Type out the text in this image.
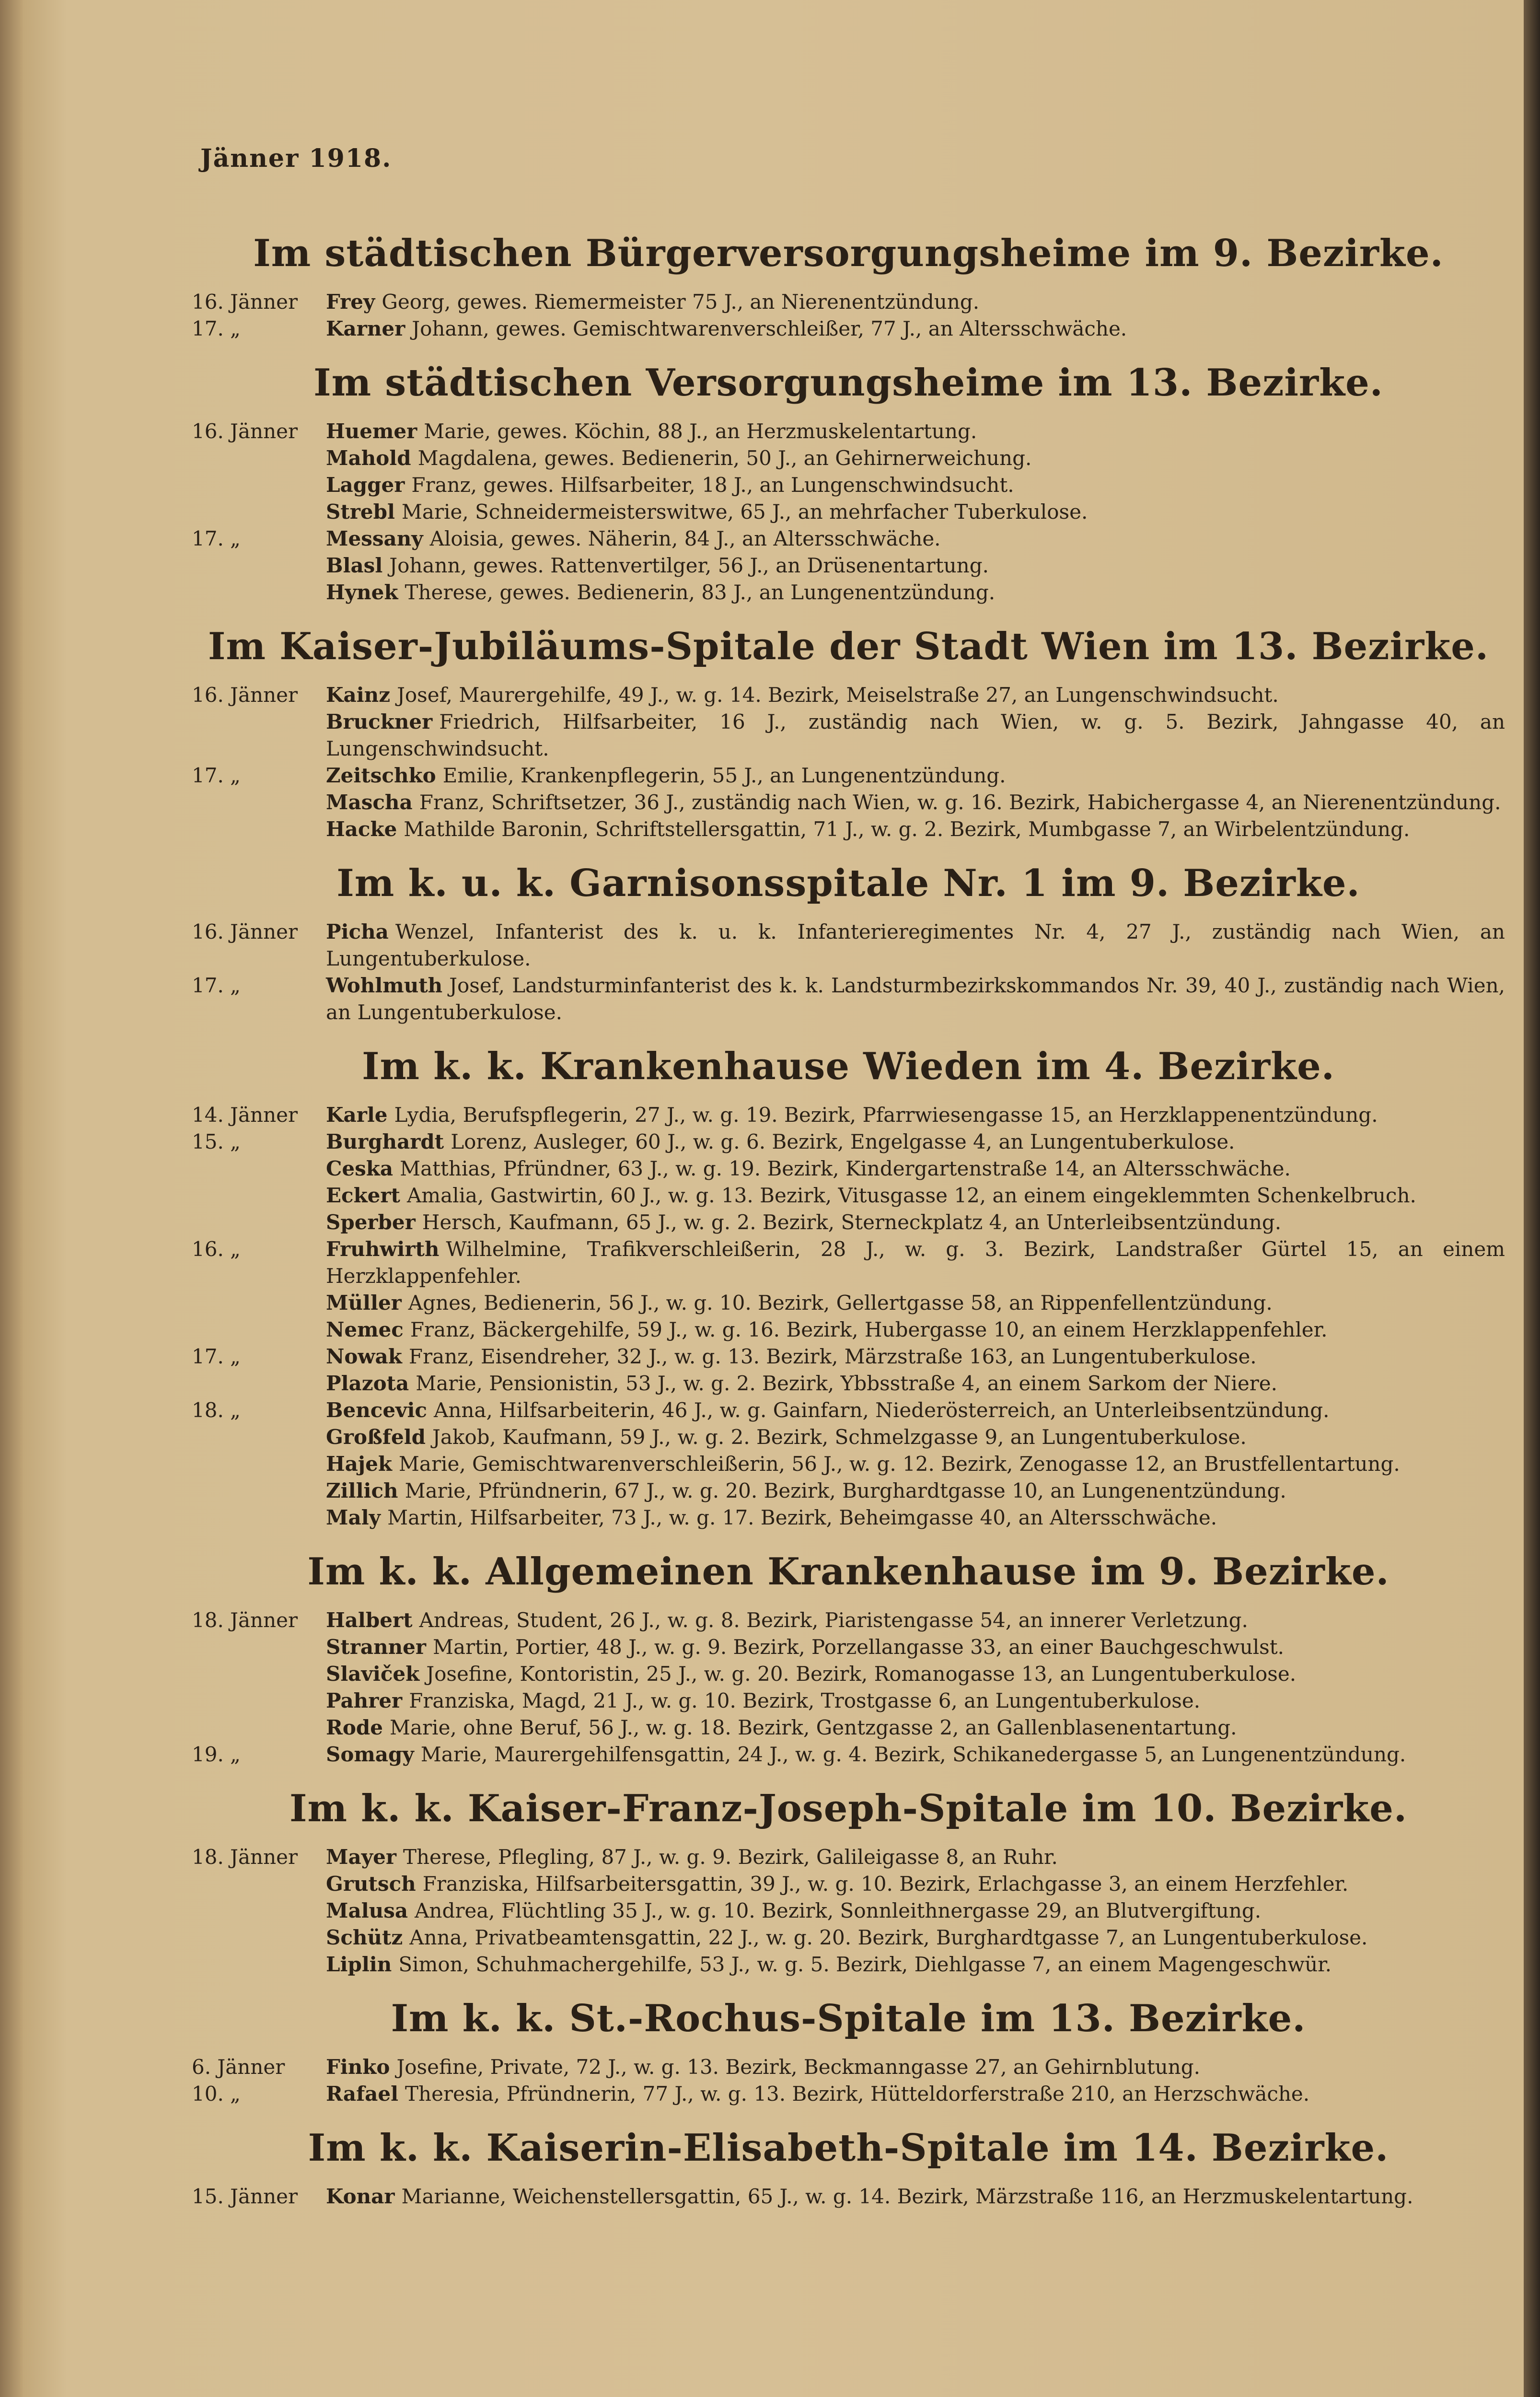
Jänner 1918.
Im städtischen Bürgerversorgungsheime im 9. Bezirke.
16. Jänner	Frey Georg, gewes. Riemermeister 75 J., an Nierenentzündung.
17. „	Karner Johann, gewes. Gemischtwarenverschleißer, 77 J., an Altersschwäche.
Im städtischen Versorgungsheime im 13. Bezirke.
16. Jänner	Huemer Marie, gewes. Köchin, 88 J., an Herzmuskelentartung.
Mahold Magdalena, gewes. Bedienerin, 50 J., an Gehirnerweichung.
Lagger Franz, gewes. Hilfsarbeiter, 18 J., an Lungenschwindsucht.
Strebl Marie, Schneidermeisterswitwe, 65 J., an mehrfacher Tuberkulose.
17. „	Messany Aloisia, gewes. Näherin, 84 J., an Altersschwäche.
Blasl Johann, gewes. Rattenvertilger, 56 J., an Drüsenentartung.
Hynek Therese, gewes. Bedienerin, 83 J., an Lungenentzündung.
Im Kaiser-Jubiläums-Spitale der Stadt Wien im 13. Bezirke.
16. Jänner	Kainz Josef, Maurergehilfe, 49 J., w. g. 14. Bezirk, Meiselstraße 27, an Lungenschwindsucht.
Bruckner Friedrich, Hilfsarbeiter, 16 J., zuständig nach Wien, w. g. 5. Bezirk, Jahngasse 40, an Lungenschwindsucht.
17. „	Zeitschko Emilie, Krankenpflegerin, 55 J., an Lungenentzündung.
Mascha Franz, Schriftsetzer, 36 J., zuständig nach Wien, w. g. 16. Bezirk, Habichergasse 4, an Nierenentzündung.
Hacke Mathilde Baronin, Schriftstellersgattin, 71 J., w. g. 2. Bezirk, Mumbgasse 7, an Wirbelentzündung.
Im k. u. k. Garnisonsspitale Nr. 1 im 9. Bezirke.
16. Jänner	Picha Wenzel, Infanterist des k. u. k. Infanterieregimentes Nr. 4, 27 J., zuständig nach Wien, an Lungentuberkulose.
17. „	Wohlmuth Josef, Landsturminfanterist des k. k. Landsturmbezirkskommandos Nr. 39, 40 J., zuständig nach Wien, an Lungentuberkulose.
Im k. k. Krankenhause Wieden im 4. Bezirke.
14. Jänner	Karle Lydia, Berufspflegerin, 27 J., w. g. 19. Bezirk, Pfarrwiesengasse 15, an Herzklappenentzündung.
15. „	Burghardt Lorenz, Ausleger, 60 J., w. g. 6. Bezirk, Engelgasse 4, an Lungentuberkulose.
Ceska Matthias, Pfründner, 63 J., w. g. 19. Bezirk, Kindergartenstraße 14, an Altersschwäche.
Eckert Amalia, Gastwirtin, 60 J., w. g. 13. Bezirk, Vitusgasse 12, an einem eingeklemmten Schenkelbruch.
Sperber Hersch, Kaufmann, 65 J., w. g. 2. Bezirk, Sterneckplatz 4, an Unterleibsentzündung.
16. „	Fruhwirth Wilhelmine, Trafikverschleißerin, 28 J., w. g. 3. Bezirk, Landstraßer Gürtel 15, an einem Herzklappenfehler.
Müller Agnes, Bedienerin, 56 J., w. g. 10. Bezirk, Gellertgasse 58, an Rippenfellentzündung.
Nemec Franz, Bäckergehilfe, 59 J., w. g. 16. Bezirk, Hubergasse 10, an einem Herzklappenfehler.
17. „	Nowak Franz, Eisendreher, 32 J., w. g. 13. Bezirk, Märzstraße 163, an Lungentuberkulose.
Plazota Marie, Pensionistin, 53 J., w. g. 2. Bezirk, Ybbsstraße 4, an einem Sarkom der Niere.
18. „	Bencevic Anna, Hilfsarbeiterin, 46 J., w. g. Gainfarn, Niederösterreich, an Unterleibsentzündung.
Großfeld Jakob, Kaufmann, 59 J., w. g. 2. Bezirk, Schmelzgasse 9, an Lungentuberkulose.
Hajek Marie, Gemischtwarenverschleißerin, 56 J., w. g. 12. Bezirk, Zenogasse 12, an Brustfellentartung.
Zillich Marie, Pfründnerin, 67 J., w. g. 20. Bezirk, Burghardtgasse 10, an Lungenentzündung.
Maly Martin, Hilfsarbeiter, 73 J., w. g. 17. Bezirk, Beheimgasse 40, an Altersschwäche.
Im k. k. Allgemeinen Krankenhause im 9. Bezirke.
18. Jänner	Halbert Andreas, Student, 26 J., w. g. 8. Bezirk, Piaristengasse 54, an innerer Verletzung.
Stranner Martin, Portier, 48 J., w. g. 9. Bezirk, Porzellangasse 33, an einer Bauchgeschwulst.
Slaviček Josefine, Kontoristin, 25 J., w. g. 20. Bezirk, Romanogasse 13, an Lungentuberkulose.
Pahrer Franziska, Magd, 21 J., w. g. 10. Bezirk, Trostgasse 6, an Lungentuberkulose.
Rode Marie, ohne Beruf, 56 J., w. g. 18. Bezirk, Gentzgasse 2, an Gallenblasenentartung.
19. „	Somagy Marie, Maurergehilfensgattin, 24 J., w. g. 4. Bezirk, Schikanedergasse 5, an Lungenentzündung.
Im k. k. Kaiser-Franz-Joseph-Spitale im 10. Bezirke.
18. Jänner	Mayer Therese, Pflegling, 87 J., w. g. 9. Bezirk, Galileigasse 8, an Ruhr.
Grutsch Franziska, Hilfsarbeitersgattin, 39 J., w. g. 10. Bezirk, Erlachgasse 3, an einem Herzfehler.
Malusa Andrea, Flüchtling 35 J., w. g. 10. Bezirk, Sonnleithnergasse 29, an Blutvergiftung.
Schütz Anna, Privatbeamtensgattin, 22 J., w. g. 20. Bezirk, Burghardtgasse 7, an Lungentuberkulose.
Liplin Simon, Schuhmachergehilfe, 53 J., w. g. 5. Bezirk, Diehlgasse 7, an einem Magengeschwür.
Im k. k. St.-Rochus-Spitale im 13. Bezirke.
6. Jänner	Finko Josefine, Private, 72 J., w. g. 13. Bezirk, Beckmanngasse 27, an Gehirnblutung.
10. „	Rafael Theresia, Pfründnerin, 77 J., w. g. 13. Bezirk, Hütteldorferstraße 210, an Herzschwäche.
Im k. k. Kaiserin-Elisabeth-Spitale im 14. Bezirke.
15. Jänner	Konar Marianne, Weichenstellersgattin, 65 J., w. g. 14. Bezirk, Märzstraße 116, an Herzmuskelentartung.
